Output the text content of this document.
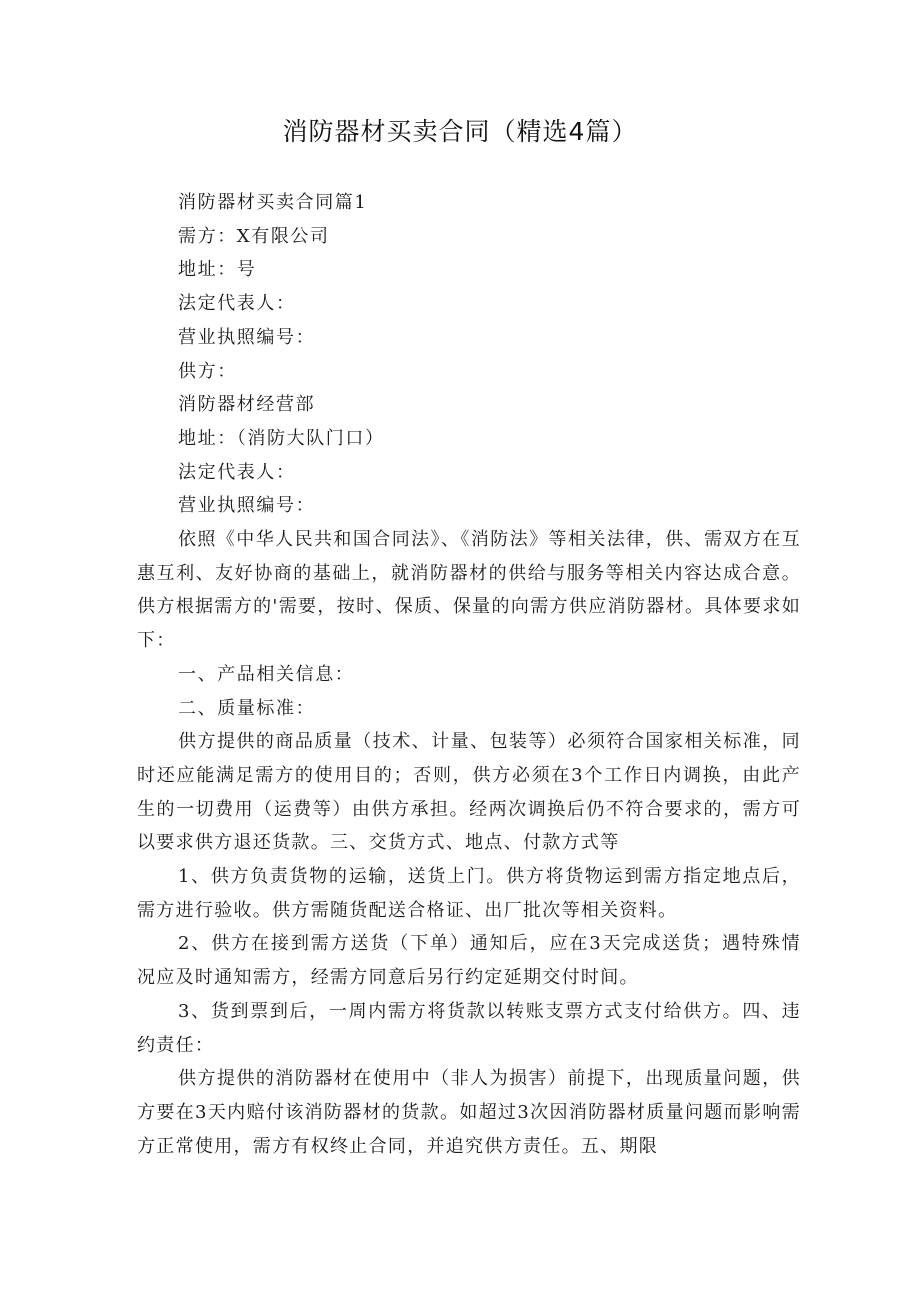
消防器材买卖合同（精选4篇）

消防器材买卖合同篇1

需方：X有限公司

地址：号

法定代表人：

营业执照编号：

供方：

消防器材经营部

地址：（消防大队门口）

法定代表人：

营业执照编号：

依照《中华人民共和国合同法》、《消防法》等相关法律，供、需双方在互惠互利、友好协商的基础上，就消防器材的供给与服务等相关内容达成合意。供方根据需方的'需要，按时、保质、保量的向需方供应消防器材。具体要求如下：

一、产品相关信息：

二、质量标准：

供方提供的商品质量（技术、计量、包装等）必须符合国家相关标准，同时还应能满足需方的使用目的；否则，供方必须在3个工作日内调换，由此产生的一切费用（运费等）由供方承担。经两次调换后仍不符合要求的，需方可以要求供方退还货款。三、交货方式、地点、付款方式等

1、供方负责货物的运输，送货上门。供方将货物运到需方指定地点后，需方进行验收。供方需随货配送合格证、出厂批次等相关资料。

2、供方在接到需方送货（下单）通知后，应在3天完成送货；遇特殊情况应及时通知需方，经需方同意后另行约定延期交付时间。

3、货到票到后，一周内需方将货款以转账支票方式支付给供方。四、违约责任：

供方提供的消防器材在使用中（非人为损害）前提下，出现质量问题，供方要在3天内赔付该消防器材的货款。如超过3次因消防器材质量问题而影响需方正常使用，需方有权终止合同，并追究供方责任。五、期限
